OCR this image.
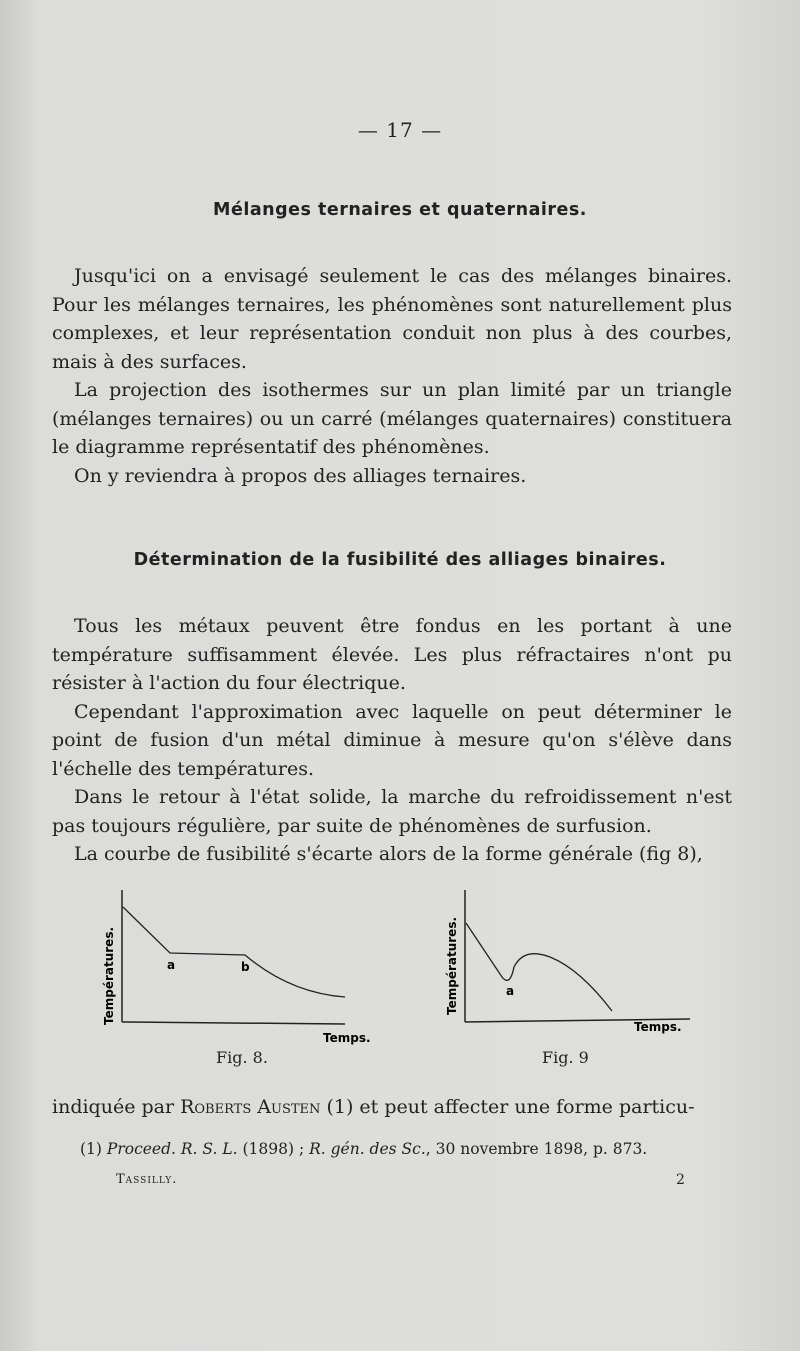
— 17 —
Mélanges ternaires et quaternaires.

Jusqu'ici on a envisagé seulement le cas des mélanges binaires. Pour les mélanges ternaires, les phénomènes sont naturellement plus complexes, et leur représentation conduit non plus à des courbes, mais à des surfaces.

La projection des isothermes sur un plan limité par un triangle (mélanges ternaires) ou un carré (mélanges quaternaires) constituera le diagramme représentatif des phénomènes.

On y reviendra à propos des alliages ternaires.

Détermination de la fusibilité des alliages binaires.

Tous les métaux peuvent être fondus en les portant à une température suffisamment élevée. Les plus réfractaires n'ont pu résister à l'action du four électrique.

Cependant l'approximation avec laquelle on peut déterminer le point de fusion d'un métal diminue à mesure qu'on s'élève dans l'échelle des températures.

Dans le retour à l'état solide, la marche du refroidissement n'est pas toujours régulière, par suite de phénomènes de surfusion.

La courbe de fusibilité s'écarte alors de la forme générale (fig 8),

Températures.	a	b
Temps.
Fig. 8.
Températures.	a
Temps.
Fig. 9

indiquée par Roberts Austen (1) et peut affecter une forme particu-

(1) Proceed. R. S. L. (1898) ; R. gén. des Sc., 30 novembre 1898, p. 873.
Tassilly.	2
